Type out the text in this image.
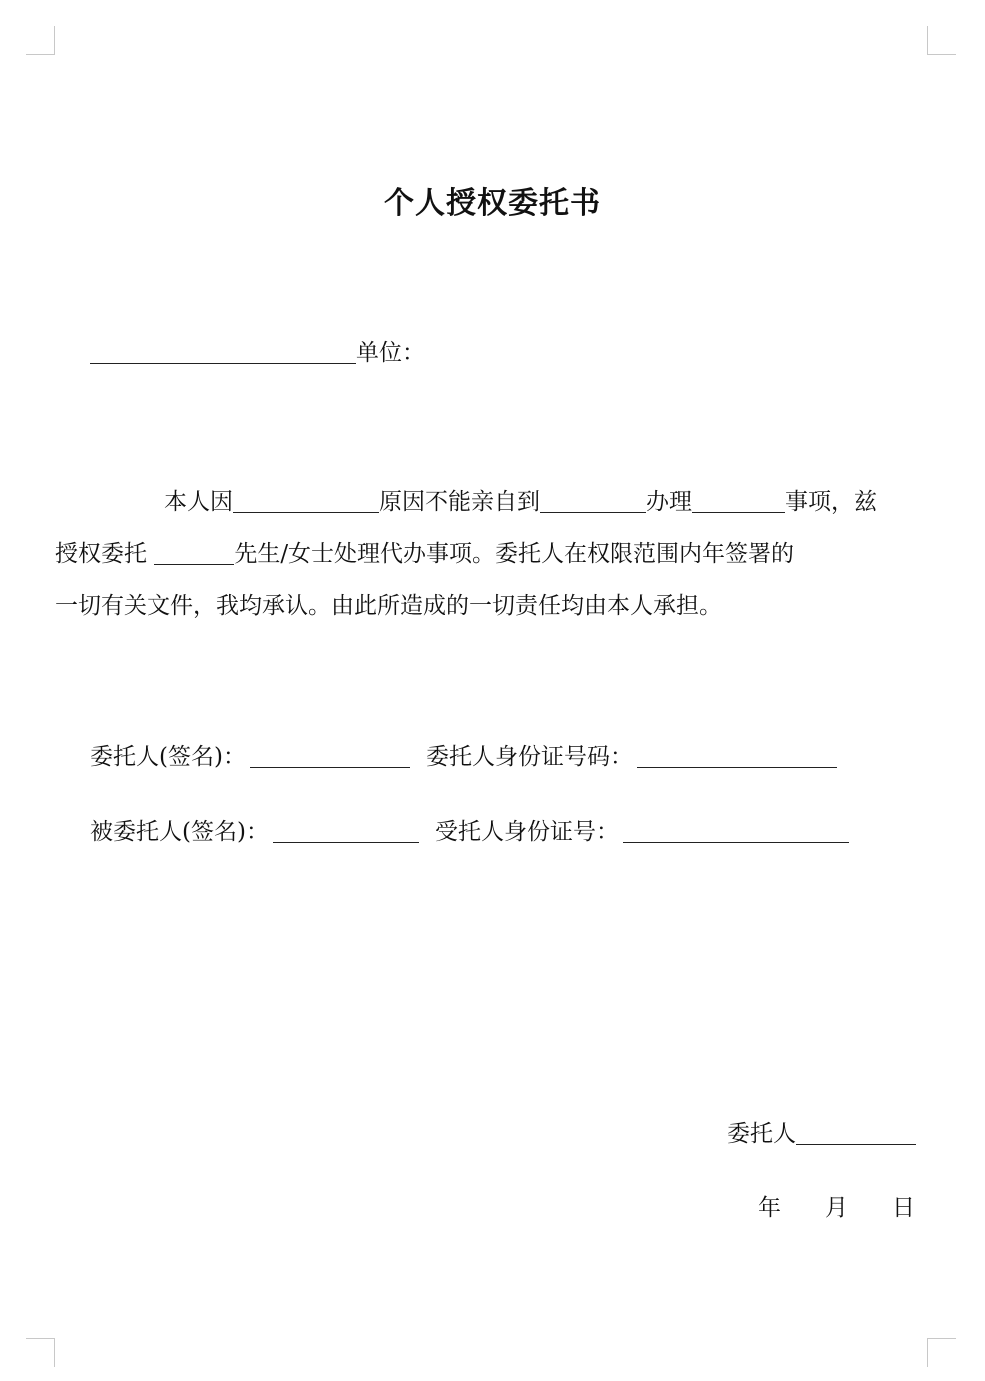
个人授权委托书
单位：
本人因	原因不能亲自到	办理	事项，兹
授权委托	先生/女士处理代办事项。委托人在权限范围内年签署的
一切有关文件，我均承认。由此所造成的一切责任均由本人承担。
委托人(签名)：	委托人身份证号码：
被委托人(签名)：	受托人身份证号：
委托人
年 月 日
